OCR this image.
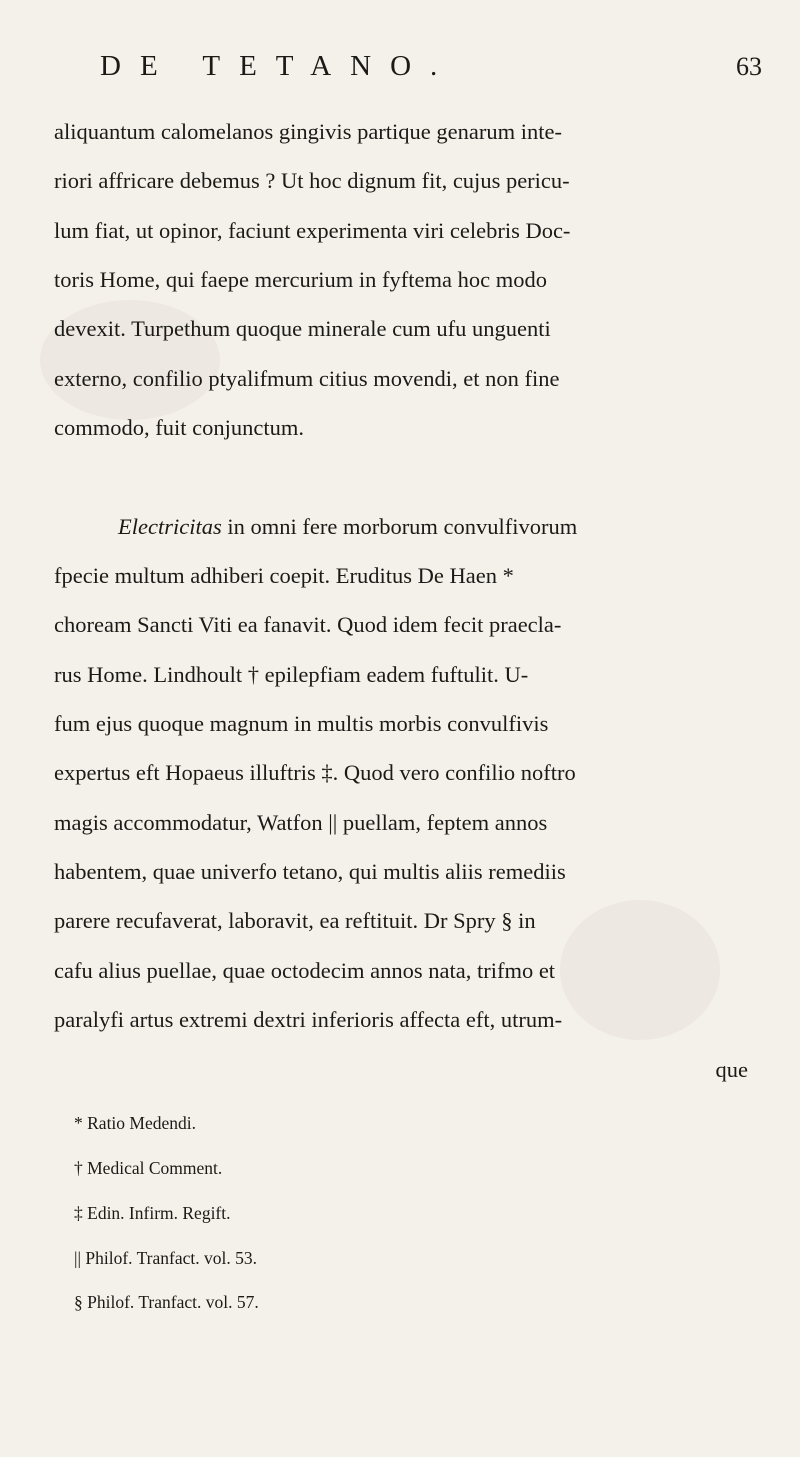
DE TETANO.	63
aliquantum calomelanos gingivis partique genarum inte-
riori affricare debemus ? Ut hoc dignum fit, cujus pericu-
lum fiat, ut opinor, faciunt experimenta viri celebris Doc-
toris Home, qui faepe mercurium in fyftema hoc modo
devexit. Turpethum quoque minerale cum ufu unguenti
externo, confilio ptyalifmum citius movendi, et non fine
commodo, fuit conjunctum.
Electricitas in omni fere morborum convulfivorum
fpecie multum adhiberi coepit. Eruditus De Haen *
choream Sancti Viti ea fanavit. Quod idem fecit praecla-
rus Home. Lindhoult † epilepfiam eadem fuftulit. U-
fum ejus quoque magnum in multis morbis convulfivis
expertus eft Hopaeus illuftris ‡. Quod vero confilio noftro
magis accommodatur, Watfon || puellam, feptem annos
habentem, quae univerfo tetano, qui multis aliis remediis
parere recufaverat, laboravit, ea reftituit. Dr Spry § in
cafu alius puellae, quae octodecim annos nata, trifmo et
paralyfi artus extremi dextri inferioris affecta eft, utrum-
que
* Ratio Medendi.
† Medical Comment.
‡ Edin. Infirm. Regift.
|| Philof. Tranfact. vol. 53.
§ Philof. Tranfact. vol. 57.
